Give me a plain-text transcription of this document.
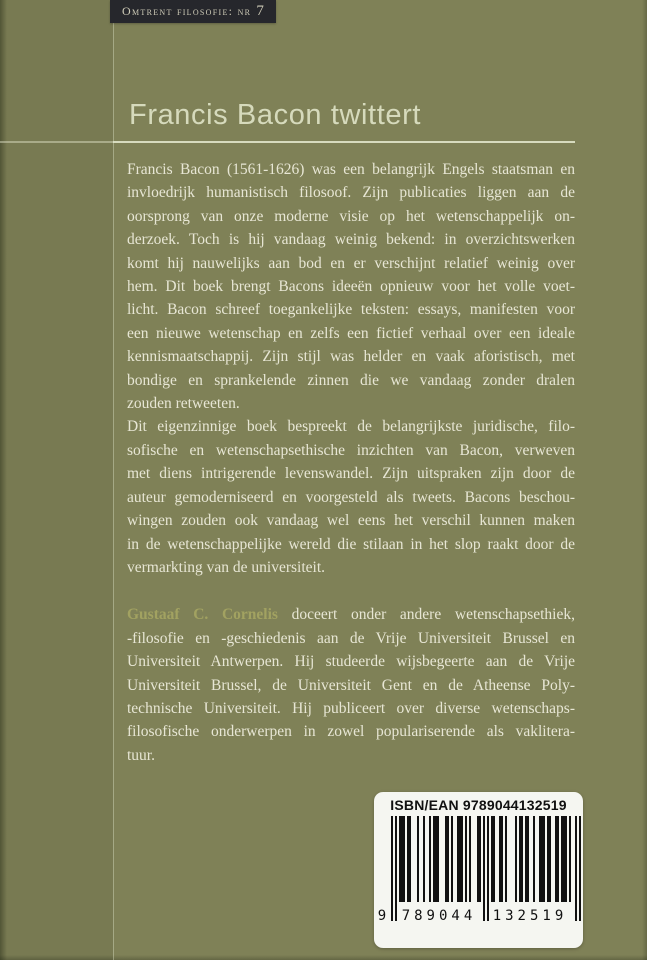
Omtrent filosofie: nr 7
Francis Bacon twittert
Francis Bacon (1561-1626) was een belangrijk Engels staatsman en
invloedrijk humanistisch filosoof. Zijn publicaties liggen aan de
oorsprong van onze moderne visie op het wetenschappelijk on-
derzoek. Toch is hij vandaag weinig bekend: in overzichtswerken
komt hij nauwelijks aan bod en er verschijnt relatief weinig over
hem. Dit boek brengt Bacons ideeën opnieuw voor het volle voet-
licht. Bacon schreef toegankelijke teksten: essays, manifesten voor
een nieuwe wetenschap en zelfs een fictief verhaal over een ideale
kennismaatschappij. Zijn stijl was helder en vaak aforistisch, met
bondige en sprankelende zinnen die we vandaag zonder dralen
zouden retweeten.
Dit eigenzinnige boek bespreekt de belangrijkste juridische, filo-
sofische en wetenschapsethische inzichten van Bacon, verweven
met diens intrigerende levenswandel. Zijn uitspraken zijn door de
auteur gemoderniseerd en voorgesteld als tweets. Bacons beschou-
wingen zouden ook vandaag wel eens het verschil kunnen maken
in de wetenschappelijke wereld die stilaan in het slop raakt door de
vermarkting van de universiteit.
Gustaaf C. Cornelis doceert onder andere wetenschapsethiek,
-filosofie en -geschiedenis aan de Vrije Universiteit Brussel en
Universiteit Antwerpen. Hij studeerde wijsbegeerte aan de Vrije
Universiteit Brussel, de Universiteit Gent en de Atheense Poly-
technische Universiteit. Hij publiceert over diverse wetenschaps-
filosofische onderwerpen in zowel populariserende als vaklitera-
tuur.
ISBN/EAN 9789044132519
9 789044	132519
